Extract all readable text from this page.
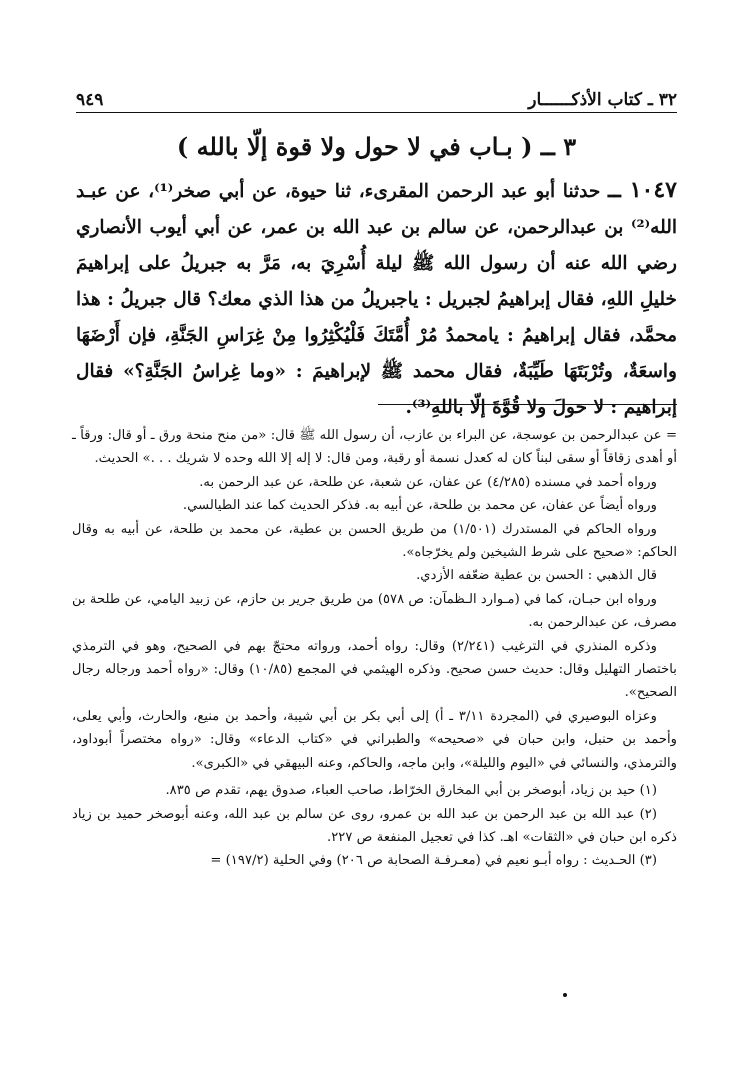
٩٤٩	٣٢ ـ كتاب الأذكــــــار
٣ ــ ( بـاب في لا حول ولا قوة إلّا بالله )
١٠٤٧ ــ حدثنا أبو عبد الرحمن المقرىء، ثنا حيوة، عن أبي صخر⁽¹⁾، عن عبـد الله⁽²⁾ بن عبدالرحمن، عن سالم بن عبد الله بن عمر، عن أبي أيوب الأنصاري رضي الله عنه أن رسول الله ﷺ ليلة أُسْرِيَ به، مَرَّ به جبريلُ على إبراهيمَ خليلِ اللهِ، فقال إبراهيمُ لجبريل : ياجبريلُ من هذا الذي معك؟ قال جبريلُ : هذا محمَّد، فقال إبراهيمُ : يامحمدُ مُرْ أُمَّتَكَ فَلْيُكْثِرُوا مِنْ غِرَاسِ الجَنَّةِ، فإن أَرْضَهَا واسعَةٌ، وتُرْبَتَهَا طَيِّبَةٌ، فقال محمد ﷺ لإبراهيمَ : «وما غِراسُ الجَنَّةِ؟» فقال إبراهيم : لا حولَ ولا قُوَّةَ إلّا باللهِ⁽³⁾.

= عن عبدالرحمن بن عوسجة، عن البراء بن عازب، أن رسول الله ﷺ قال: «من منح منحة ورق ـ أو قال: ورقاً ـ أو أهدى زقاقاً أو سقى لبناً كان له كعدل نسمة أو رقبة، ومن قال: لا إله إلا الله وحده لا شريك . . .» الحديث.

ورواه أحمد في مسنده (٤/٢٨٥) عن عفان، عن شعبة، عن طلحة، عن عبد الرحمن به.

ورواه أيضاً عن عفان، عن محمد بن طلحة، عن أبيه به. فذكر الحديث كما عند الطيالسي.

ورواه الحاكم في المستدرك (١/٥٠١) من طريق الحسن بن عطية، عن محمد بن طلحة، عن أبيه به وقال الحاكم: «صحيح على شرط الشيخين ولم يخرّجاه».

قال الذهبي : الحسن بن عطية ضعّفه الأزدي.

ورواه ابن حبـان، كما في (مـوارد الـظمآن: ص ٥٧٨) من طريق جرير بن حازم، عن زبيد اليامي، عن طلحة بن مصرف، عن عبدالرحمن به.

وذكره المنذري في الترغيب (٢/٢٤١) وقال: رواه أحمد، ورواته محتجّ بهم في الصحيح، وهو في الترمذي باختصار التهليل وقال: حديث حسن صحيح. وذكره الهيثمي في المجمع (١٠/٨٥) وقال: «رواه أحمد ورجاله رجال الصحيح».

وعزاه البوصيري في (المجردة ٣/١١ ـ أ) إلى أبي بكر بن أبي شيبة، وأحمد بن منيع، والحارث، وأبي يعلى، وأحمد بن حنبل، وابن حبان في «صحيحه» والطبراني في «كتاب الدعاء» وقال: «رواه مختصراً أبوداود، والترمذي، والنسائي في «اليوم والليلة»، وابن ماجه، والحاكم، وعنه البيهقي في «الكبرى».

(١) حيد بن زياد، أبوصخر بن أبي المخارق الخرّاط، صاحب العباء، صدوق يهم، تقدم ص ٨٣٥.

(٢) عبد الله بن عبد الرحمن بن عبد الله بن عمرو، روى عن سالم بن عبد الله، وعنه أبوصخر حميد بن زياد ذكره ابن حبان في «الثقات» اهـ. كذا في تعجيل المنفعة ص ٢٢٧.

(٣) الحـديث : رواه أبـو نعيم في (معـرفـة الصحابة ص ٢٠٦) وفي الحلية (١٩٧/٢) =
